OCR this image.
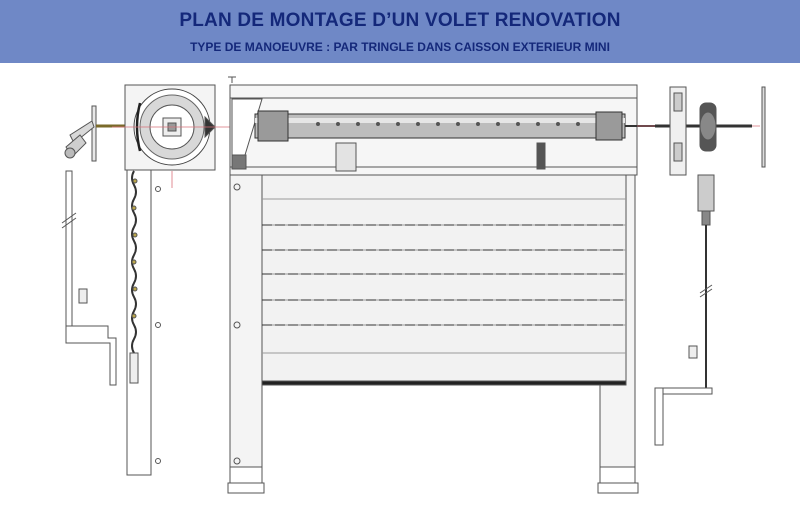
PLAN DE MONTAGE D’UN VOLET RENOVATION
TYPE DE MANOEUVRE : PAR TRINGLE DANS CAISSON EXTERIEUR MINI
